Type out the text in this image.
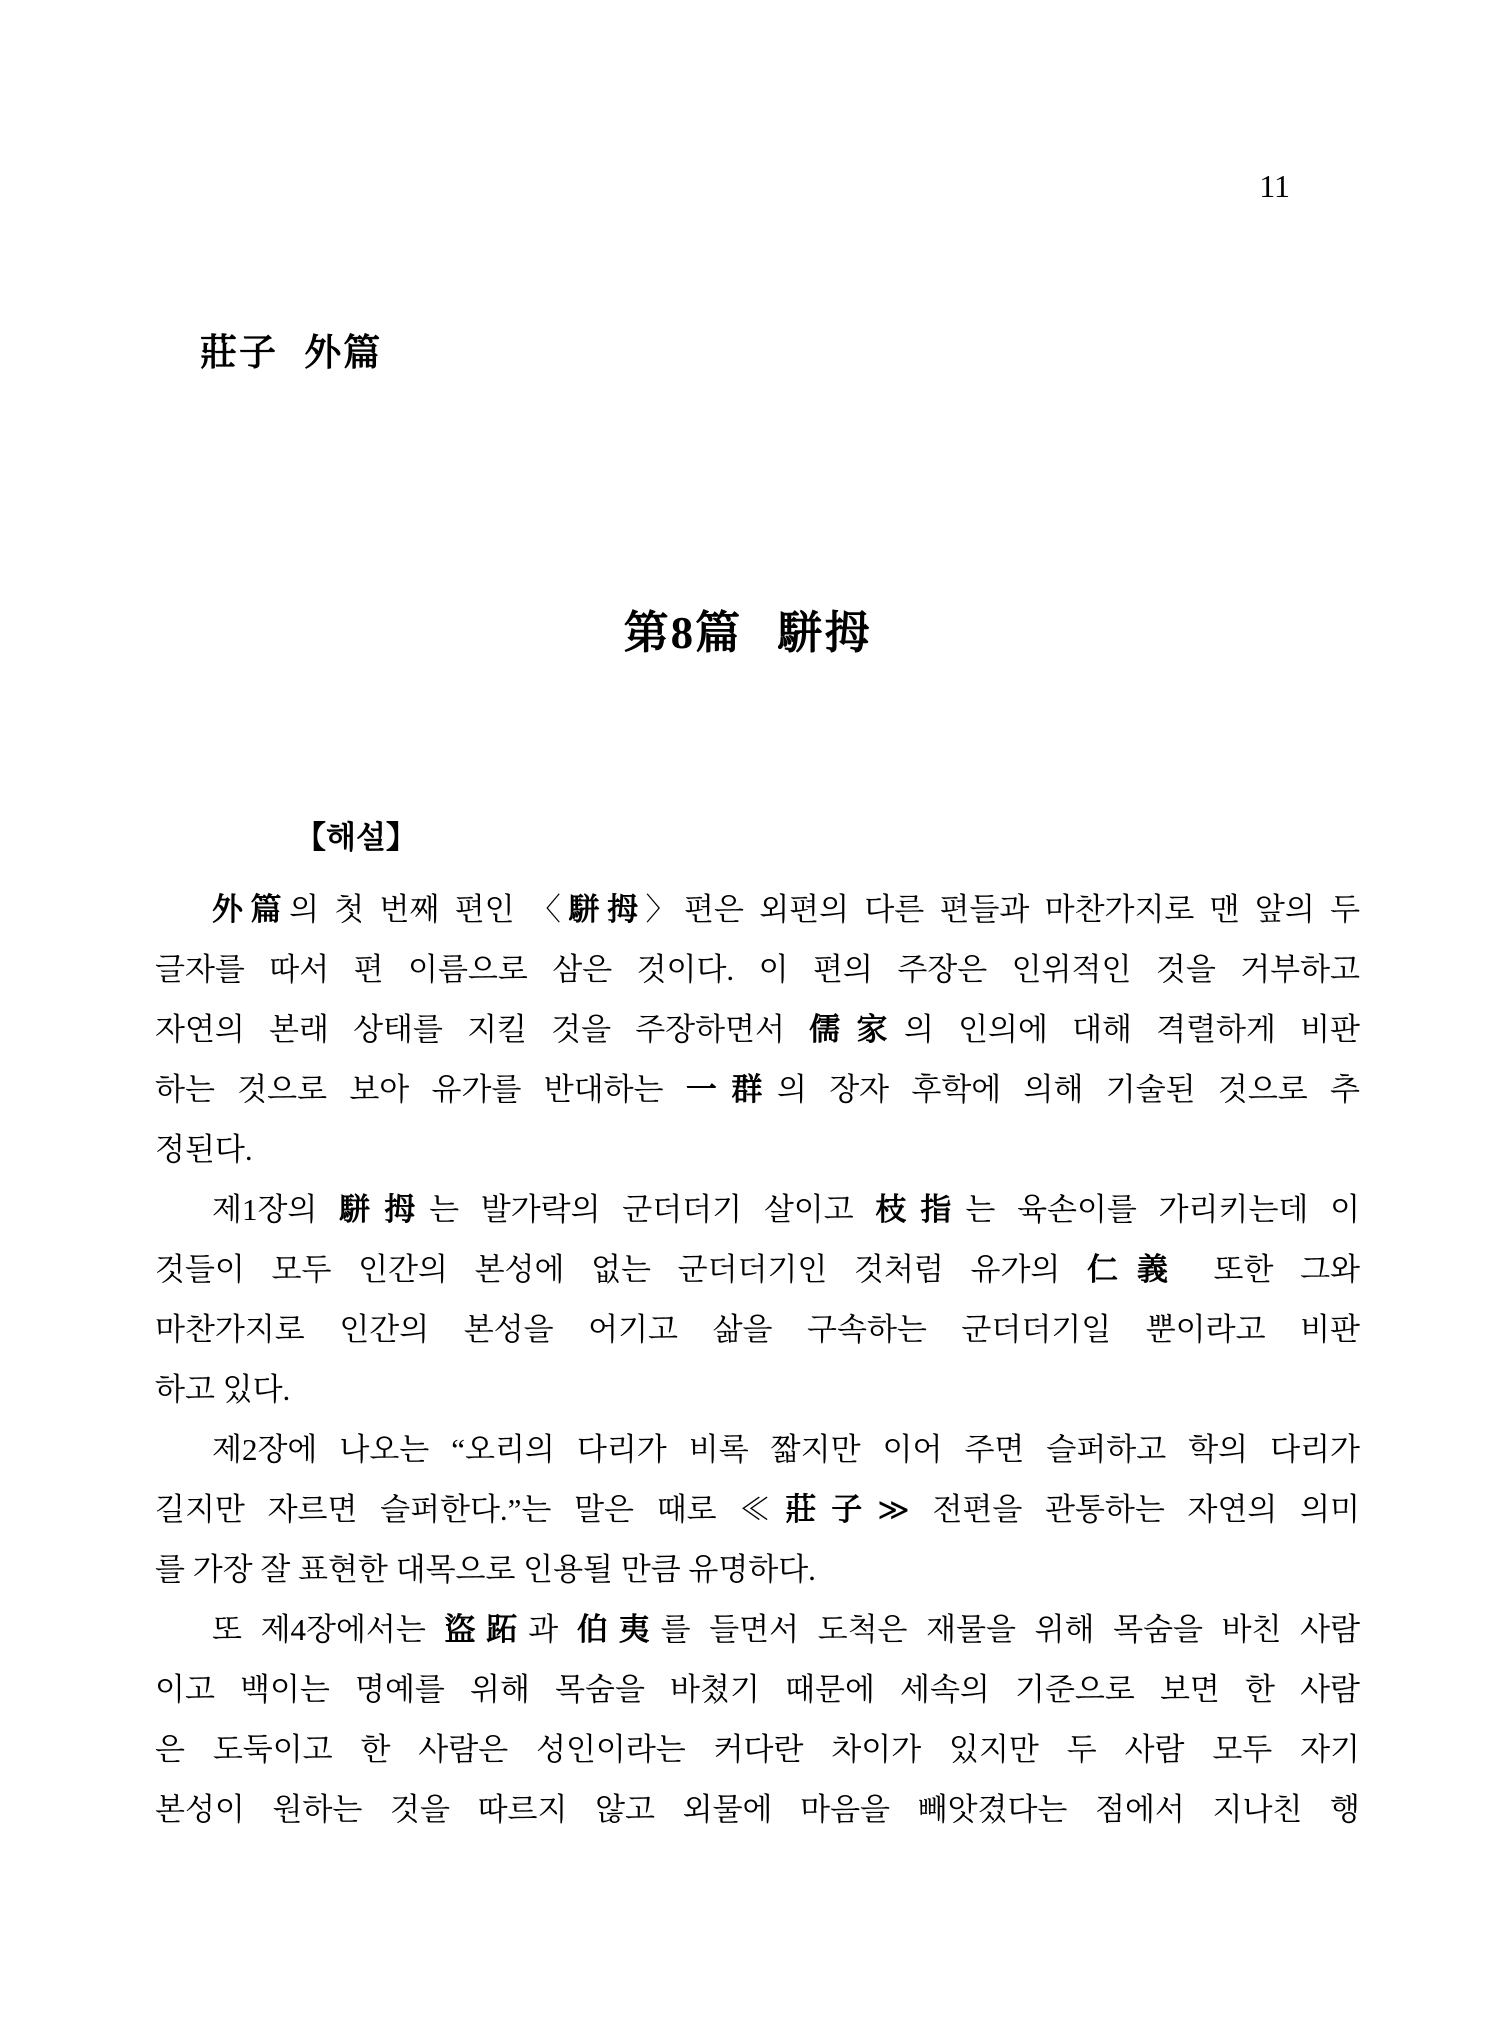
11
莊子 外篇
第8篇 駢拇
【해설】
外篇의 첫 번째 편인 〈駢拇〉편은 외편의 다른 편들과 마찬가지로 맨 앞의 두
글자를 따서 편 이름으로 삼은 것이다. 이 편의 주장은 인위적인 것을 거부하고
자연의 본래 상태를 지킬 것을 주장하면서 儒家의 인의에 대해 격렬하게 비판
하는 것으로 보아 유가를 반대하는 一群의 장자 후학에 의해 기술된 것으로 추
정된다.
제1장의 駢拇는 발가락의 군더더기 살이고 枝指는 육손이를 가리키는데 이
것들이 모두 인간의 본성에 없는 군더더기인 것처럼 유가의 仁義 또한 그와
마찬가지로 인간의 본성을 어기고 삶을 구속하는 군더더기일 뿐이라고 비판
하고 있다.
제2장에 나오는 “오리의 다리가 비록 짧지만 이어 주면 슬퍼하고 학의 다리가
길지만 자르면 슬퍼한다.”는 말은 때로 ≪莊子≫ 전편을 관통하는 자연의 의미
를 가장 잘 표현한 대목으로 인용될 만큼 유명하다.
또 제4장에서는 盜跖과 伯夷를 들면서 도척은 재물을 위해 목숨을 바친 사람
이고 백이는 명예를 위해 목숨을 바쳤기 때문에 세속의 기준으로 보면 한 사람
은 도둑이고 한 사람은 성인이라는 커다란 차이가 있지만 두 사람 모두 자기
본성이 원하는 것을 따르지 않고 외물에 마음을 빼앗겼다는 점에서 지나친 행
